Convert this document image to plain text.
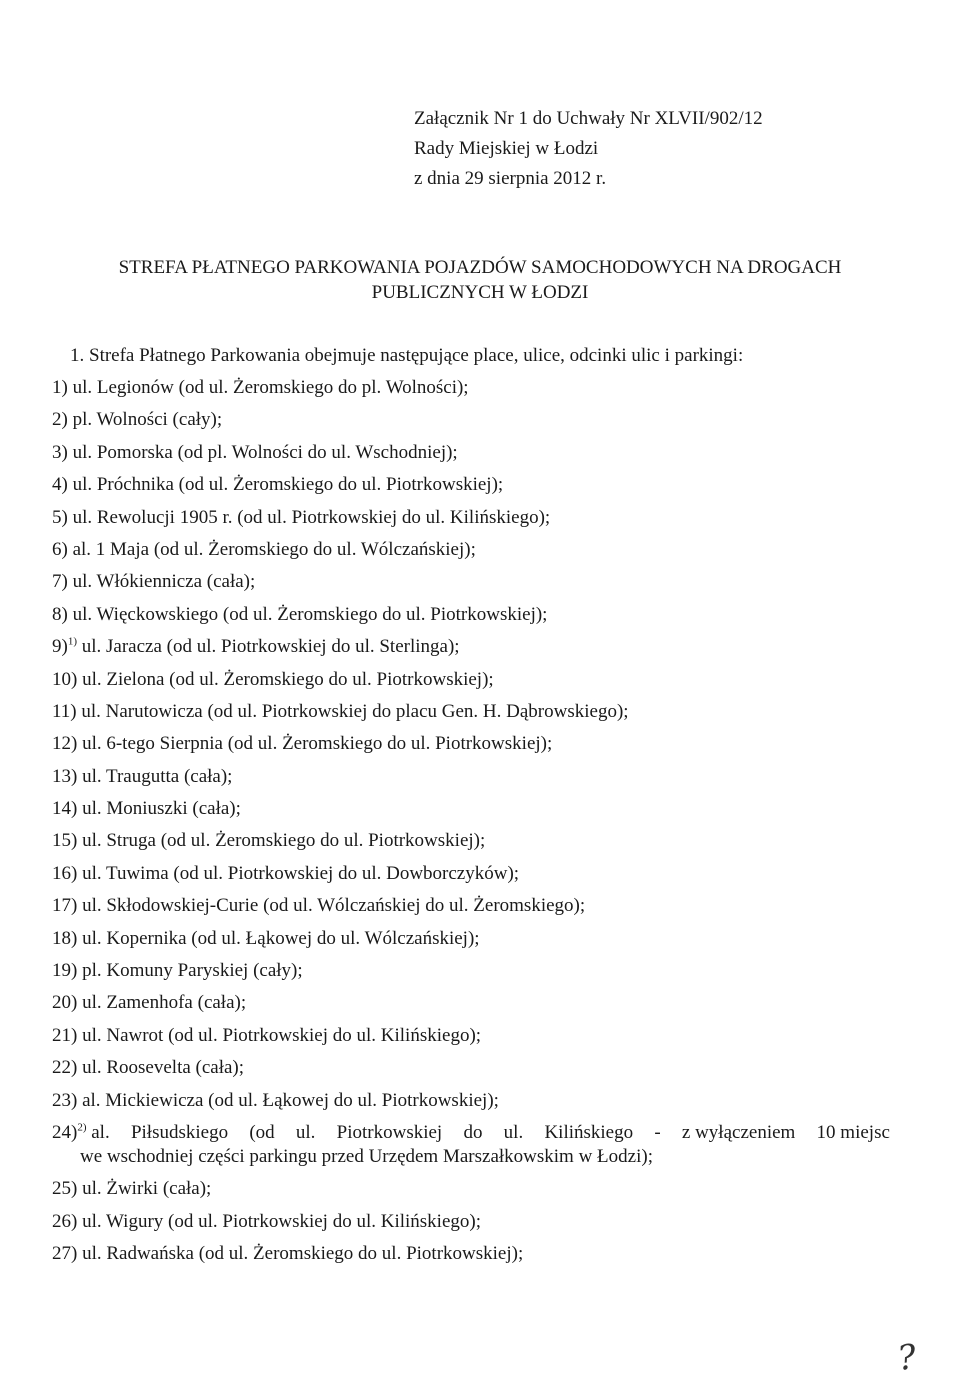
Załącznik Nr 1 do Uchwały Nr XLVII/902/12
Rady Miejskiej w Łodzi
z dnia 29 sierpnia 2012 r.
STREFA PŁATNEGO PARKOWANIA POJAZDÓW SAMOCHODOWYCH NA DROGACH
PUBLICZNYCH W ŁODZI
1. Strefa Płatnego Parkowania obejmuje następujące place, ulice, odcinki ulic i parkingi:
1) ul. Legionów (od ul. Żeromskiego do pl. Wolności);
2) pl. Wolności (cały);
3) ul. Pomorska (od pl. Wolności do ul. Wschodniej);
4) ul. Próchnika (od ul. Żeromskiego do ul. Piotrkowskiej);
5) ul. Rewolucji 1905 r. (od ul. Piotrkowskiej do ul. Kilińskiego);
6) al. 1 Maja (od ul. Żeromskiego do ul. Wólczańskiej);
7) ul. Włókiennicza (cała);
8) ul. Więckowskiego (od ul. Żeromskiego do ul. Piotrkowskiej);
9)$^{1)}$ ul. Jaracza (od ul. Piotrkowskiej do ul. Sterlinga);
10) ul. Zielona (od ul. Żeromskiego do ul. Piotrkowskiej);
11) ul. Narutowicza (od ul. Piotrkowskiej do placu Gen. H. Dąbrowskiego);
12) ul. 6-tego Sierpnia (od ul. Żeromskiego do ul. Piotrkowskiej);
13) ul. Traugutta (cała);
14) ul. Moniuszki (cała);
15) ul. Struga (od ul. Żeromskiego do ul. Piotrkowskiej);
16) ul. Tuwima (od ul. Piotrkowskiej do ul. Dowborczyków);
17) ul. Skłodowskiej-Curie (od ul. Wólczańskiej do ul. Żeromskiego);
18) ul. Kopernika (od ul. Łąkowej do ul. Wólczańskiej);
19) pl. Komuny Paryskiej (cały);
20) ul. Zamenhofa (cała);
21) ul. Nawrot (od ul. Piotrkowskiej do ul. Kilińskiego);
22) ul. Roosevelta (cała);
23) al. Mickiewicza (od ul. Łąkowej do ul. Piotrkowskiej);
24)$^{2)}$ al. Piłsudskiego (od ul. Piotrkowskiej do ul. Kilińskiego - z wyłączeniem 10 miejsc
we wschodniej części parkingu przed Urzędem Marszałkowskim w Łodzi);
25) ul. Żwirki (cała);
26) ul. Wigury (od ul. Piotrkowskiej do ul. Kilińskiego);
27) ul. Radwańska (od ul. Żeromskiego do ul. Piotrkowskiej);
?
